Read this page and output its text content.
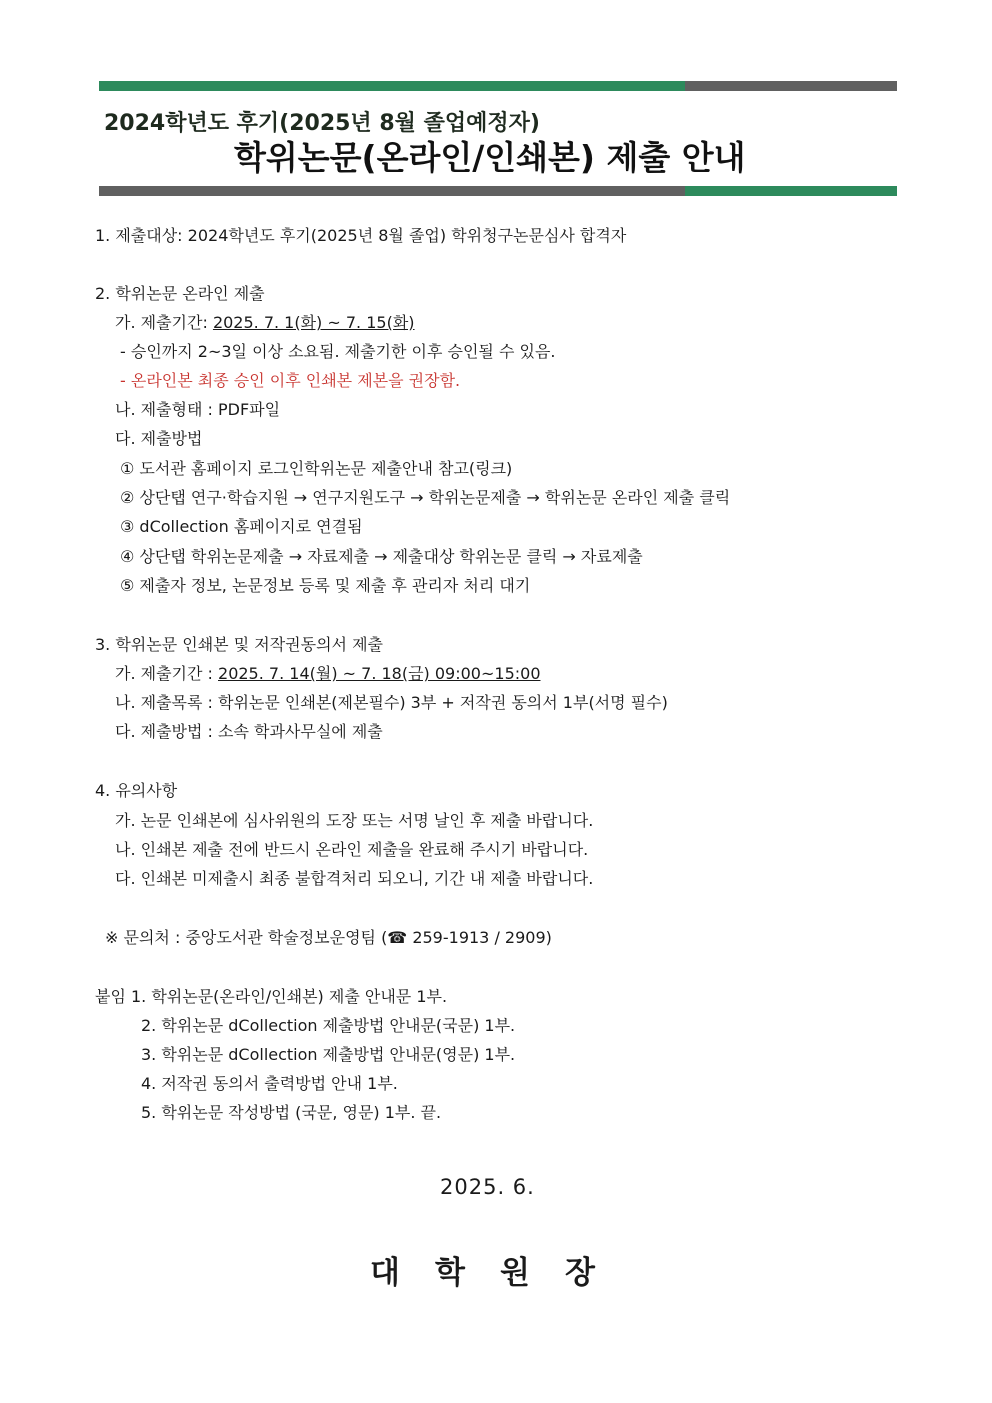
2024학년도 후기(2025년 8월 졸업예정자)
학위논문(온라인/인쇄본) 제출 안내
1. 제출대상: 2024학년도 후기(2025년 8월 졸업) 학위청구논문심사 합격자
2. 학위논문 온라인 제출
가. 제출기간: 2025. 7. 1(화) ~ 7. 15(화)
- 승인까지 2~3일 이상 소요됨. 제출기한 이후 승인될 수 있음.
- 온라인본 최종 승인 이후 인쇄본 제본을 권장함.
나. 제출형태 : PDF파일
다. 제출방법
① 도서관 홈페이지 로그인학위논문 제출안내 참고(링크)
② 상단탭 연구·학습지원 → 연구지원도구 → 학위논문제출 → 학위논문 온라인 제출 클릭
③ dCollection 홈페이지로 연결됨
④ 상단탭 학위논문제출 → 자료제출 → 제출대상 학위논문 클릭 → 자료제출
⑤ 제출자 정보, 논문정보 등록 및 제출 후 관리자 처리 대기
3. 학위논문 인쇄본 및 저작권동의서 제출
가. 제출기간 : 2025. 7. 14(월) ~ 7. 18(금) 09:00~15:00
나. 제출목록 : 학위논문 인쇄본(제본필수) 3부 + 저작권 동의서 1부(서명 필수)
다. 제출방법 : 소속 학과사무실에 제출
4. 유의사항
가. 논문 인쇄본에 심사위원의 도장 또는 서명 날인 후 제출 바랍니다.
나. 인쇄본 제출 전에 반드시 온라인 제출을 완료해 주시기 바랍니다.
다. 인쇄본 미제출시 최종 불합격처리 되오니, 기간 내 제출 바랍니다.
※ 문의처 : 중앙도서관 학술정보운영팀 (☎ 259-1913 / 2909)
붙임 1. 학위논문(온라인/인쇄본) 제출 안내문 1부.
2. 학위논문 dCollection 제출방법 안내문(국문) 1부.
3. 학위논문 dCollection 제출방법 안내문(영문) 1부.
4. 저작권 동의서 출력방법 안내 1부.
5. 학위논문 작성방법 (국문, 영문) 1부. 끝.
2025. 6.
대	학	원	장
